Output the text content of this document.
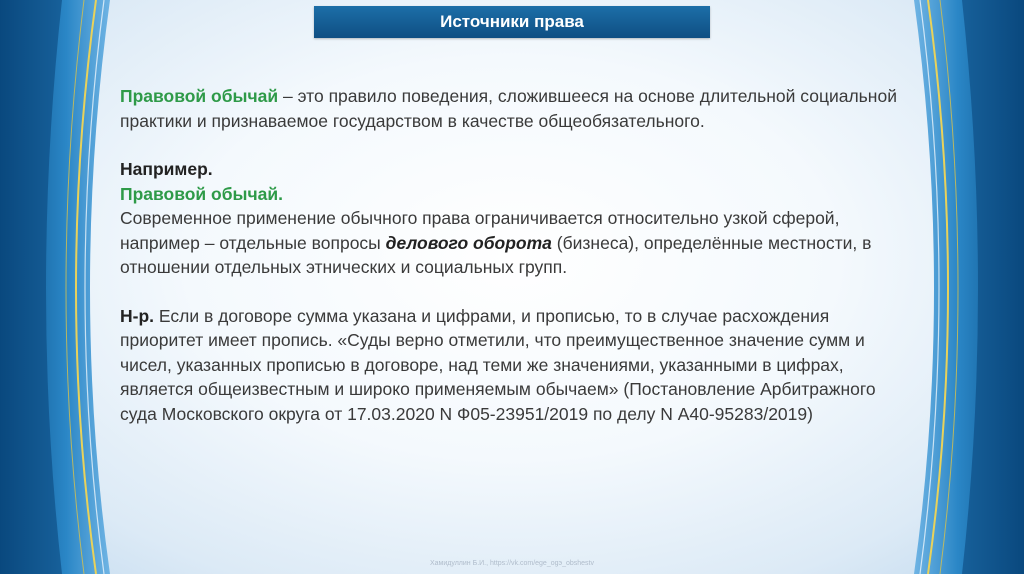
Источники права

Правовой обычай – это правило поведения, сложившееся на основе длительной социальной практики и признаваемое государством в качестве общеобязательного.

Например.

Правовой обычай.

Современное применение обычного права ограничивается относительно узкой сферой, например – отдельные вопросы делового оборота (бизнеса), определённые местности, в отношении отдельных этнических и социальных групп.

Н-р. Если в договоре сумма указана и цифрами, и прописью, то в случае расхождения приоритет имеет пропись. «Суды верно отметили, что преимущественное значение сумм и чисел, указанных прописью в договоре, над теми же значениями, указанными в цифрах, является общеизвестным и широко применяемым обычаем» (Постановление Арбитражного суда Московского округа от 17.03.2020 N Ф05-23951/2019 по делу N А40-95283/2019)

Хамидуллин Б.И., https://vk.com/ege_ogэ_obshestv
